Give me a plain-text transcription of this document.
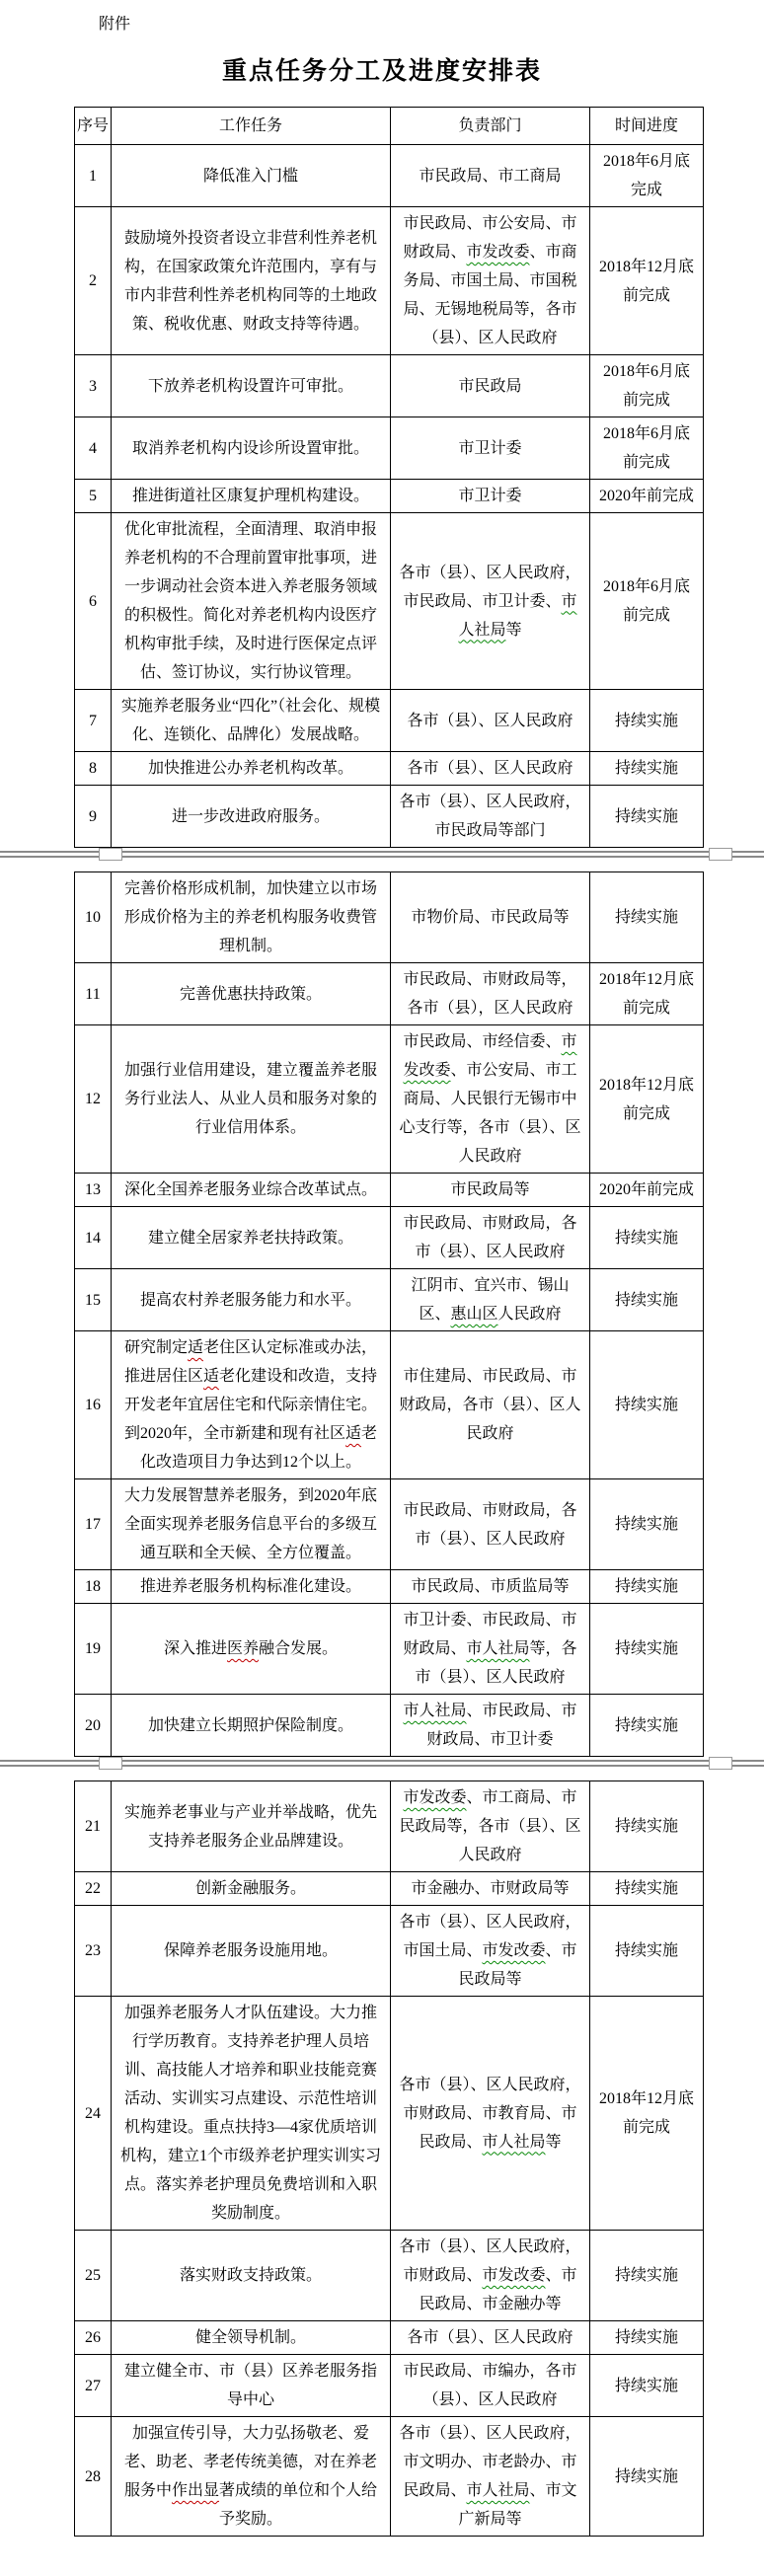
附件
重点任务分工及进度安排表
序号	工作任务	负责部门	时间进度
1	降低准入门槛	市民政局、市工商局	2018年6月底完成
2	鼓励境外投资者设立非营利性养老机构，在国家政策允许范围内，享有与市内非营利性养老机构同等的土地政策、税收优惠、财政支持等待遇。	市民政局、市公安局、市财政局、市发改委、市商务局、市国土局、市国税局、无锡地税局等，各市（县）、区人民政府	2018年12月底前完成
3	下放养老机构设置许可审批。	市民政局	2018年6月底前完成
4	取消养老机构内设诊所设置审批。	市卫计委	2018年6月底前完成
5	推进街道社区康复护理机构建设。	市卫计委	2020年前完成
6	优化审批流程，全面清理、取消申报养老机构的不合理前置审批事项，进一步调动社会资本进入养老服务领域的积极性。简化对养老机构内设医疗机构审批手续，及时进行医保定点评估、签订协议，实行协议管理。	各市（县）、区人民政府，市民政局、市卫计委、市人社局等	2018年6月底前完成
7	实施养老服务业“四化”（社会化、规模化、连锁化、品牌化）发展战略。	各市（县）、区人民政府	持续实施
8	加快推进公办养老机构改革。	各市（县）、区人民政府	持续实施
9	进一步改进政府服务。	各市（县）、区人民政府，市民政局等部门	持续实施
10	完善价格形成机制，加快建立以市场形成价格为主的养老机构服务收费管理机制。	市物价局、市民政局等	持续实施
11	完善优惠扶持政策。	市民政局、市财政局等，各市（县），区人民政府	2018年12月底前完成
12	加强行业信用建设，建立覆盖养老服务行业法人、从业人员和服务对象的行业信用体系。	市民政局、市经信委、市发改委、市公安局、市工商局、人民银行无锡市中心支行等，各市（县）、区人民政府	2018年12月底前完成
13	深化全国养老服务业综合改革试点。	市民政局等	2020年前完成
14	建立健全居家养老扶持政策。	市民政局、市财政局，各市（县）、区人民政府	持续实施
15	提高农村养老服务能力和水平。	江阴市、宜兴市、锡山区、惠山区人民政府	持续实施
16	研究制定适老住区认定标准或办法，推进居住区适老化建设和改造，支持开发老年宜居住宅和代际亲情住宅。到2020年，全市新建和现有社区适老化改造项目力争达到12个以上。	市住建局、市民政局、市财政局，各市（县）、区人民政府	持续实施
17	大力发展智慧养老服务，到2020年底全面实现养老服务信息平台的多级互通互联和全天候、全方位覆盖。	市民政局、市财政局，各市（县）、区人民政府	持续实施
18	推进养老服务机构标准化建设。	市民政局、市质监局等	持续实施
19	深入推进医养融合发展。	市卫计委、市民政局、市财政局、市人社局等，各市（县）、区人民政府	持续实施
20	加快建立长期照护保险制度。	市人社局、市民政局、市财政局、市卫计委	持续实施
21	实施养老事业与产业并举战略，优先支持养老服务企业品牌建设。	市发改委、市工商局、市民政局等，各市（县）、区人民政府	持续实施
22	创新金融服务。	市金融办、市财政局等	持续实施
23	保障养老服务设施用地。	各市（县）、区人民政府，市国土局、市发改委、市民政局等	持续实施
24	加强养老服务人才队伍建设。大力推行学历教育。支持养老护理人员培训、高技能人才培养和职业技能竞赛活动、实训实习点建设、示范性培训机构建设。重点扶持3—4家优质培训机构，建立1个市级养老护理实训实习点。落实养老护理员免费培训和入职奖励制度。	各市（县）、区人民政府，市财政局、市教育局、市民政局、市人社局等	2018年12月底前完成
25	落实财政支持政策。	各市（县）、区人民政府，市财政局、市发改委、市民政局、市金融办等	持续实施
26	健全领导机制。	各市（县）、区人民政府	持续实施
27	建立健全市、市（县）区养老服务指导中心	市民政局、市编办，各市（县）、区人民政府	持续实施
28	加强宣传引导，大力弘扬敬老、爱老、助老、孝老传统美德，对在养老服务中作出显著成绩的单位和个人给予奖励。	各市（县）、区人民政府，市文明办、市老龄办、市民政局、市人社局、市文广新局等	持续实施
